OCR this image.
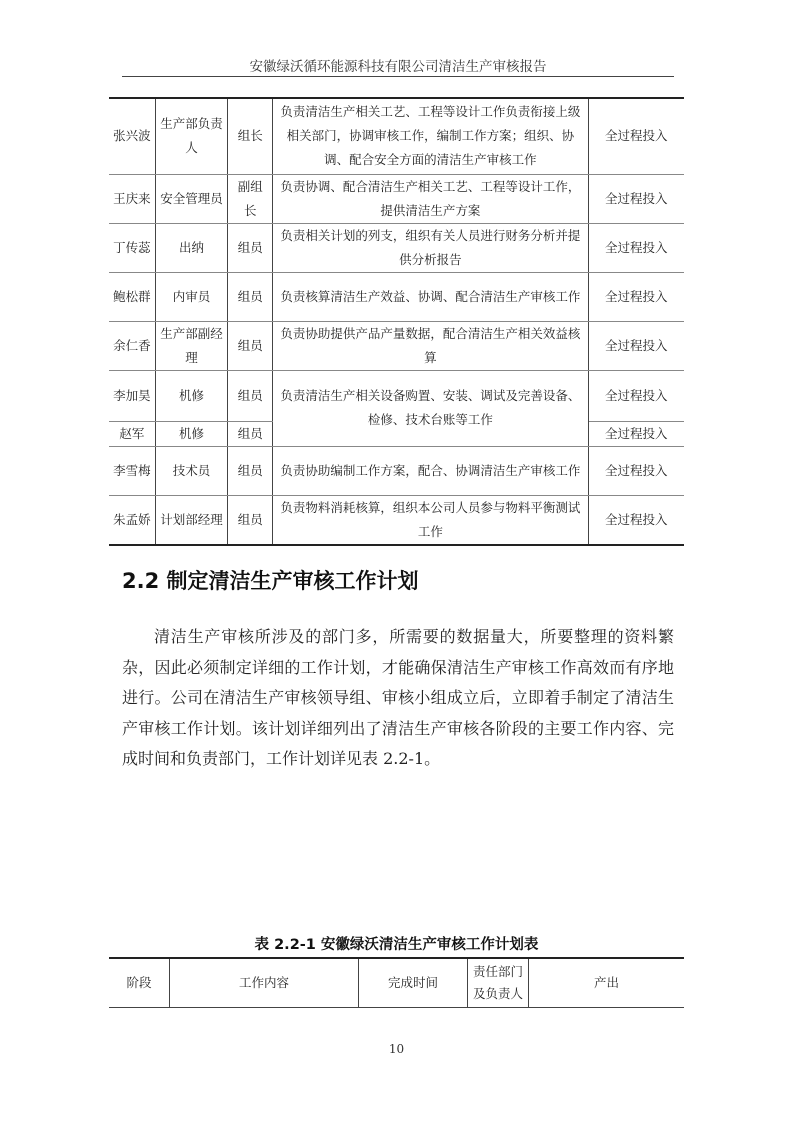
安徽绿沃循环能源科技有限公司清洁生产审核报告
张兴波	生产部负责人	组长	负责清洁生产相关工艺、工程等设计工作负责衔接上级相关部门，协调审核工作，编制工作方案；组织、协调、配合安全方面的清洁生产审核工作	全过程投入
王庆来	安全管理员	副组长	负责协调、配合清洁生产相关工艺、工程等设计工作，提供清洁生产方案	全过程投入
丁传蕊	出纳	组员	负责相关计划的列支，组织有关人员进行财务分析并提供分析报告	全过程投入
鲍松群	内审员	组员	负责核算清洁生产效益、协调、配合清洁生产审核工作	全过程投入
余仁香	生产部副经理	组员	负责协助提供产品产量数据，配合清洁生产相关效益核算	全过程投入
李加昊	机修	组员	负责清洁生产相关设备购置、安装、调试及完善设备、检修、技术台账等工作	全过程投入
赵军	机修	组员		全过程投入
李雪梅	技术员	组员	负责协助编制工作方案，配合、协调清洁生产审核工作	全过程投入
朱孟娇	计划部经理	组员	负责物料消耗核算，组织本公司人员参与物料平衡测试工作	全过程投入
2.2 制定清洁生产审核工作计划

清洁生产审核所涉及的部门多，所需要的数据量大，所要整理的资料繁杂，因此必须制定详细的工作计划，才能确保清洁生产审核工作高效而有序地进行。公司在清洁生产审核领导组、审核小组成立后，立即着手制定了清洁生产审核工作计划。该计划详细列出了清洁生产审核各阶段的主要工作内容、完成时间和负责部门，工作计划详见表 2.2-1。

表 2.2-1 安徽绿沃清洁生产审核工作计划表
阶段	工作内容	完成时间	责任部门及负责人	产出
10
